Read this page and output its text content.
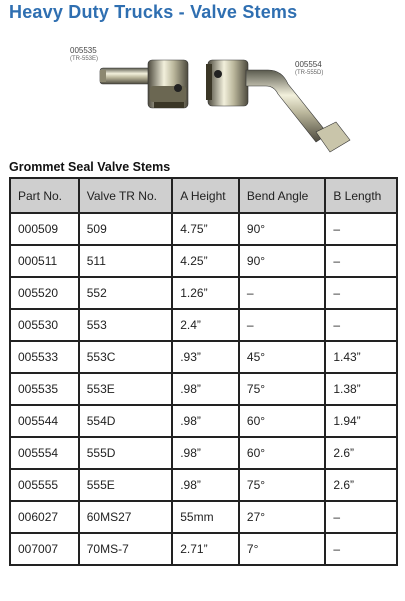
Heavy Duty Trucks - Valve Stems
005535
(TR-553E)
005554
(TR-555D)
Grommet Seal Valve Stems
Part No.	Valve TR No.	A Height	Bend Angle	B Length
000509	509	4.75”	90°	–
000511	511	4.25”	90°	–
005520	552	1.26”	–	–
005530	553	2.4”	–	–
005533	553C	.93”	45°	1.43”
005535	553E	.98”	75°	1.38”
005544	554D	.98”	60°	1.94”
005554	555D	.98”	60°	2.6”
005555	555E	.98”	75°	2.6”
006027	60MS27	55mm	27°	–
007007	70MS-7	2.71”	7°	–
